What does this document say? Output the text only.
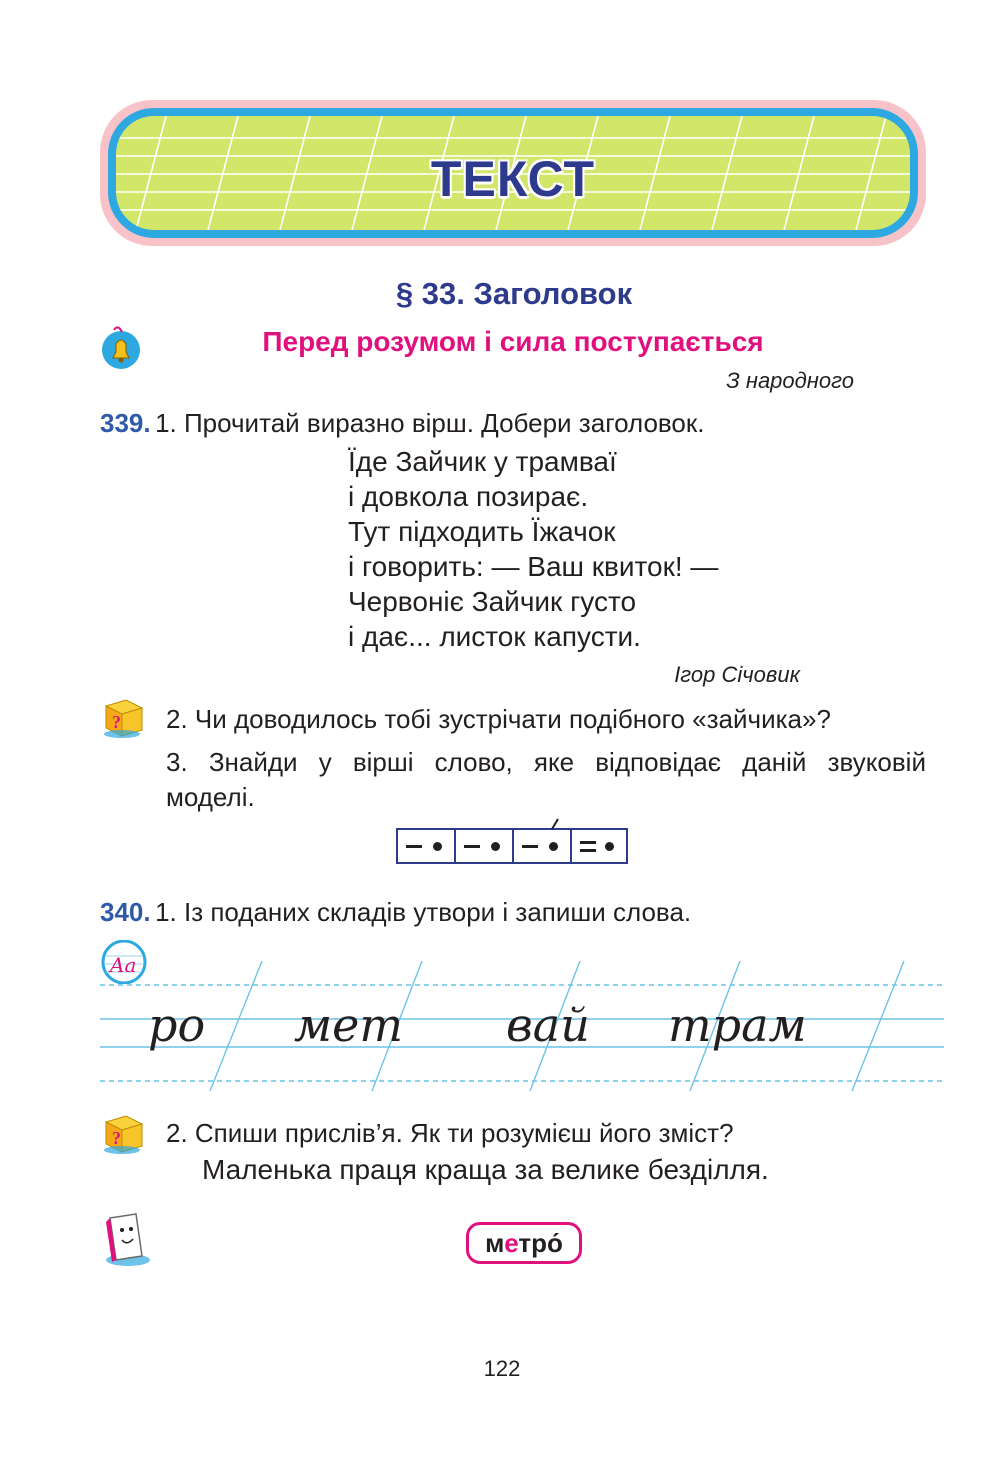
ТЕКСТ
§ 33. Заголовок
Перед розумом і сила поступається
З народного
339. 1. Прочитай виразно вірш. Добери заголовок.
Їде Зайчик у трамваї
і довкола позирає.
Тут підходить Їжачок
і говорить: — Ваш квиток! —
Червоніє Зайчик густо
і дає... листок капусти.
Ігор Січовик
? 2. Чи доводилось тобі зустрічати подібного «зайчика»?
3. Знайди у вірші слово, яке відповідає даній звуковій
моделі.
340. 1. Із поданих складів утвори і запиши слова.
Aa
ро мет вай трам
? 2. Спиши прислів’я. Як ти розумієш його зміст?
Маленька праця краща за велике безділля.
метро́
122
